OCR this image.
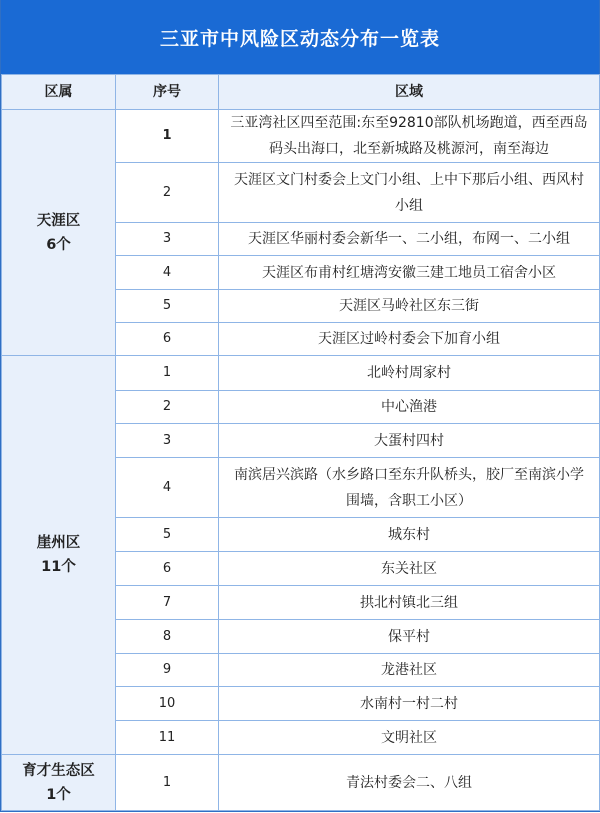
三亚市中风险区动态分布一览表
区属	序号	区域

天涯区
6个	1	三亚湾社区四至范围:东至92810部队机场跑道，西至西岛码头出海口，北至新城路及桃源河，南至海边
	2	天涯区文门村委会上文门小组、上中下那后小组、西风村小组
	3	天涯区华丽村委会新华一、二小组，布网一、二小组
	4	天涯区布甫村红塘湾安徽三建工地员工宿舍小区
	5	天涯区马岭社区东三街
	6	天涯区过岭村委会下加育小组

崖州区
11个	1	北岭村周家村
	2	中心渔港
	3	大蛋村四村
	4	南滨居兴滨路（水乡路口至东升队桥头，胶厂至南滨小学围墙，含职工小区）
	5	城东村
	6	东关社区
	7	拱北村镇北三组
	8	保平村
	9	龙港社区
	10	水南村一村二村
	11	文明社区

育才生态区
1个	1	青法村委会二、八组
